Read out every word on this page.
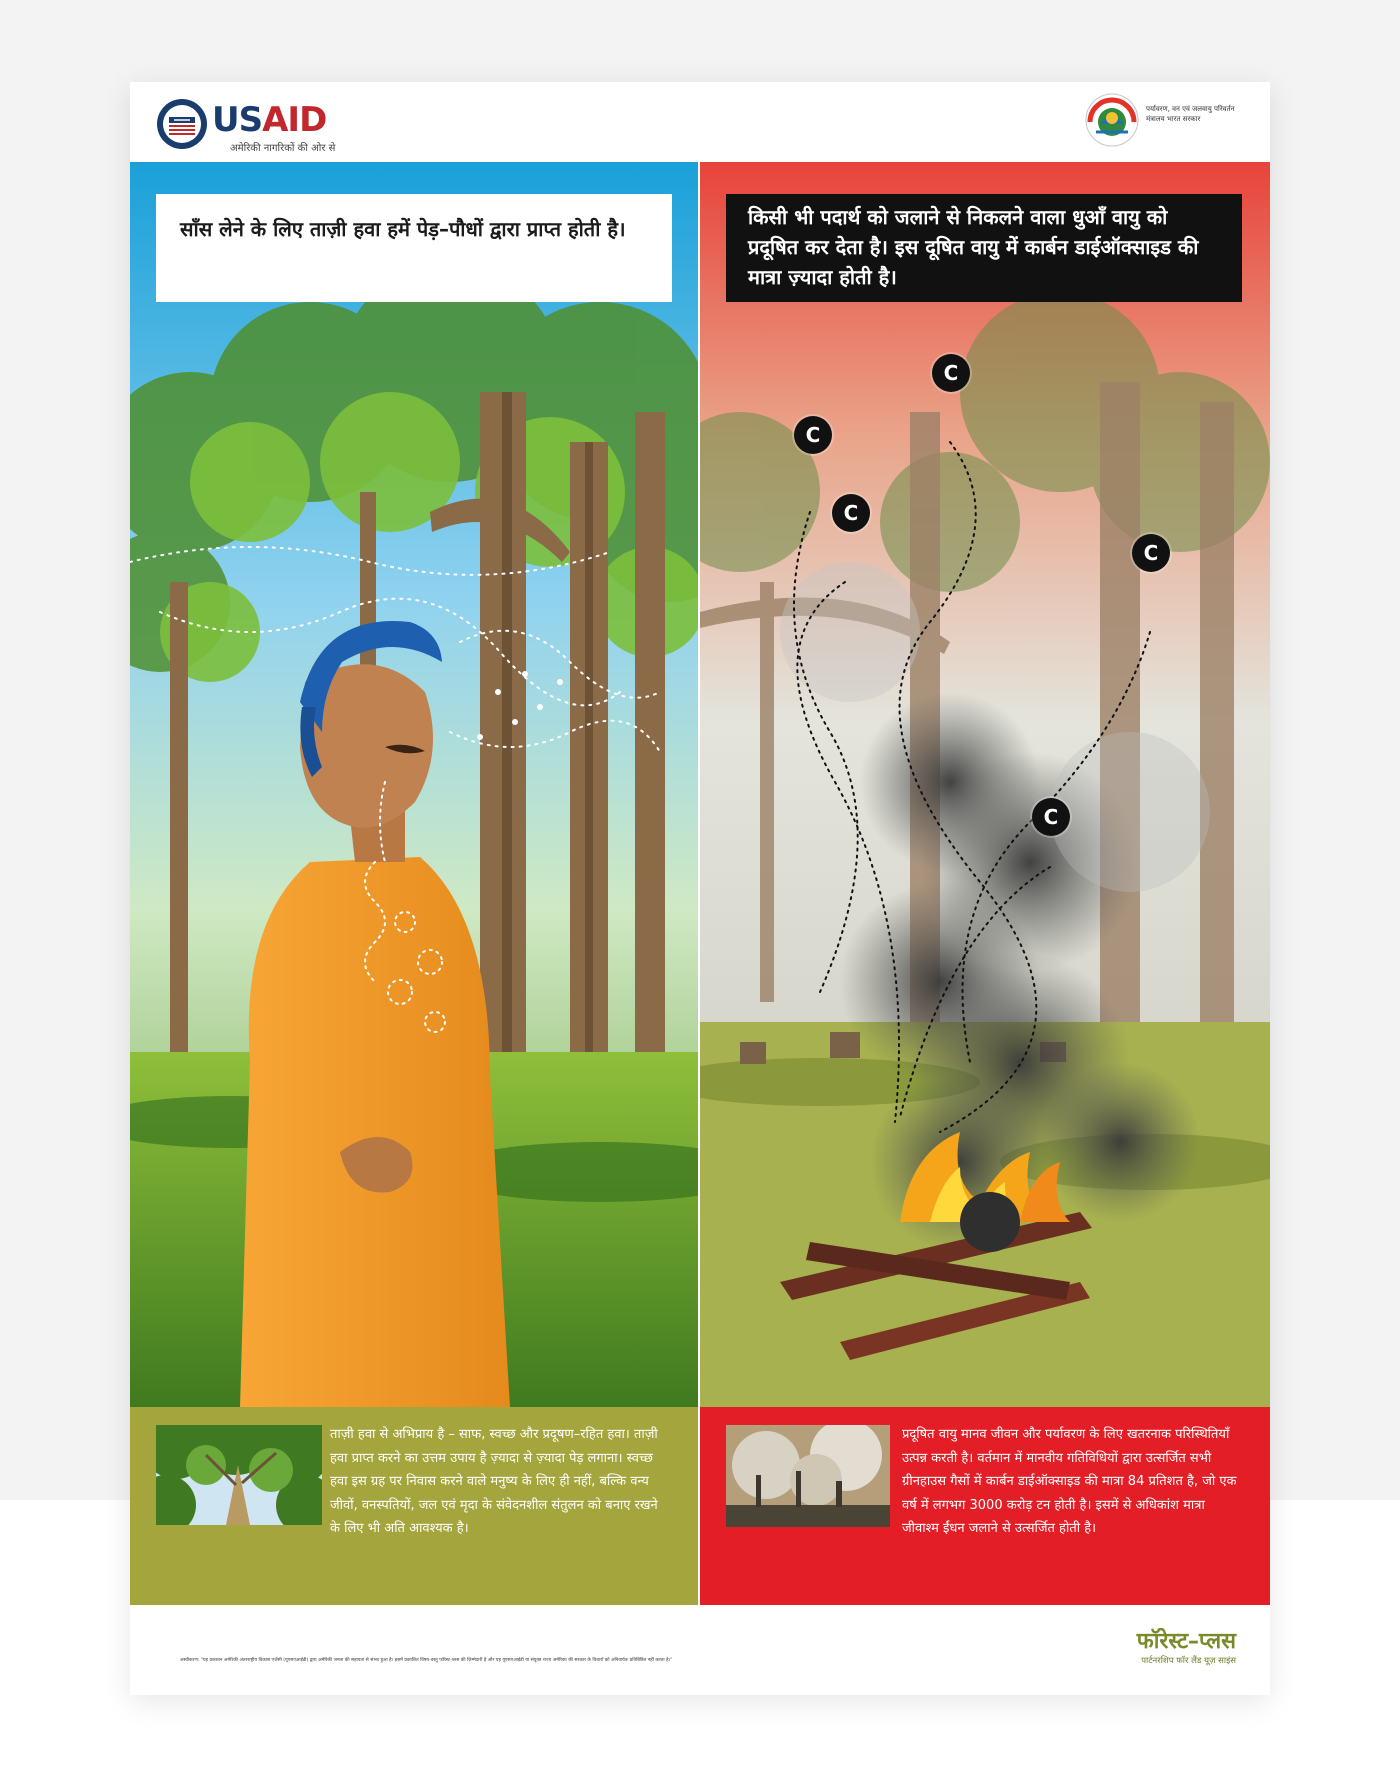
USAID
अमेरिकी नागरिकों की ओर से
पर्यावरण, वन एवं जलवायु परिवर्तन मंत्रालय भारत सरकार
साँस लेने के लिए ताज़ी हवा हमें पेड़–पौधों द्वारा प्राप्त होती है।	किसी भी पदार्थ को जलाने से निकलने वाला धुआँ वायु को प्रदूषित कर देता है। इस दूषित वायु में कार्बन डाईऑक्साइड की मात्रा ज़्यादा होती है।
C
C
C
C
C
ताज़ी हवा से अभिप्राय है – साफ, स्वच्छ और प्रदूषण–रहित हवा। ताज़ी हवा प्राप्त करने का उत्तम उपाय है ज़्यादा से ज़्यादा पेड़ लगाना। स्वच्छ हवा इस ग्रह पर निवास करने वाले मनुष्य के लिए ही नहीं, बल्कि वन्य जीवों, वनस्पतियों, जल एवं मृदा के संवेदनशील संतुलन को बनाए रखने के लिए भी अति आवश्यक है।
प्रदूषित वायु मानव जीवन और पर्यावरण के लिए खतरनाक परिस्थितियाँ उत्पन्न करती है। वर्तमान में मानवीय गतिविधियों द्वारा उत्सर्जित सभी ग्रीनहाउस गैसों में कार्बन डाईऑक्साइड की मात्रा 84 प्रतिशत है, जो एक वर्ष में लगभग 3000 करोड़ टन होती है। इसमें से अधिकांश मात्रा जीवाश्म ईंधन जलाने से उत्सर्जित होती है।
अस्वीकरण: "यह प्रकाशन अमेरिकी अंतरराष्ट्रीय विकास एजेंसी (यूएसएआईडी) द्वारा अमेरिकी जनता की सहायता से संभव हुआ है। इसमें प्रकाशित विषय-वस्तु फ़ॉरेस्ट-प्लस की ज़िम्मेदारी है और यह यूएसएआईडी या संयुक्त राज्य अमेरिका की सरकार के विचारों को अनिवार्यतः प्रतिबिंबित नहीं करता है।"
फॉरेस्ट–प्लस
पार्टनरशिप फॉर लैंड यूज़ साइंस
